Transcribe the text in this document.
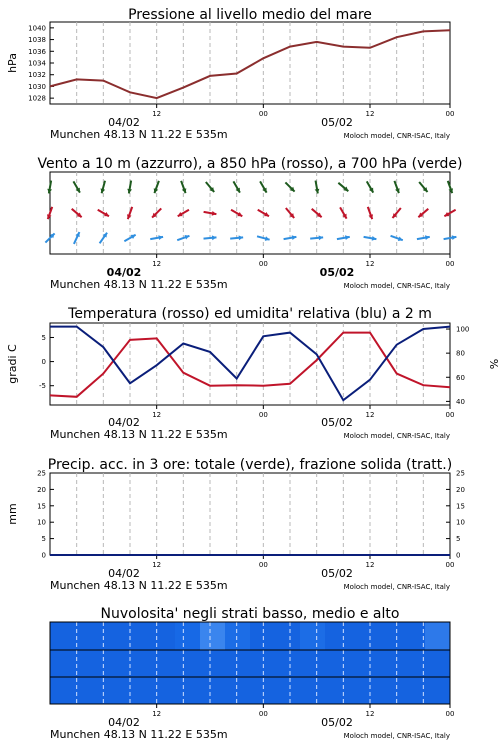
Pressione al livello medio del mare
hPa
1040
1038
1036
1034
1032
1030
1028
12	00	12	00
04/02	05/02
Munchen 48.13 N 11.22 E 535m	Moloch model, CNR-ISAC, Italy
Vento a 10 m (azzurro), a 850 hPa (rosso), a 700 hPa (verde)
12	00	12	00
04/02	05/02
Munchen 48.13 N 11.22 E 535m	Moloch model, CNR-ISAC, Italy
Temperatura (rosso) ed umidita' relativa (blu) a 2 m
gradi C	%
5
0
-5
100
80
60
40
12	00	12	00
04/02	05/02
Munchen 48.13 N 11.22 E 535m	Moloch model, CNR-ISAC, Italy
Precip. acc. in 3 ore: totale (verde), frazione solida (tratt.)
mm
25
20
15
10
5
0
25
20
15
10
5
0
12	00	12	00
04/02	05/02
Munchen 48.13 N 11.22 E 535m	Moloch model, CNR-ISAC, Italy
Nuvolosita' negli strati basso, medio e alto
12	00	12	00
04/02	05/02
Munchen 48.13 N 11.22 E 535m	Moloch model, CNR-ISAC, Italy
